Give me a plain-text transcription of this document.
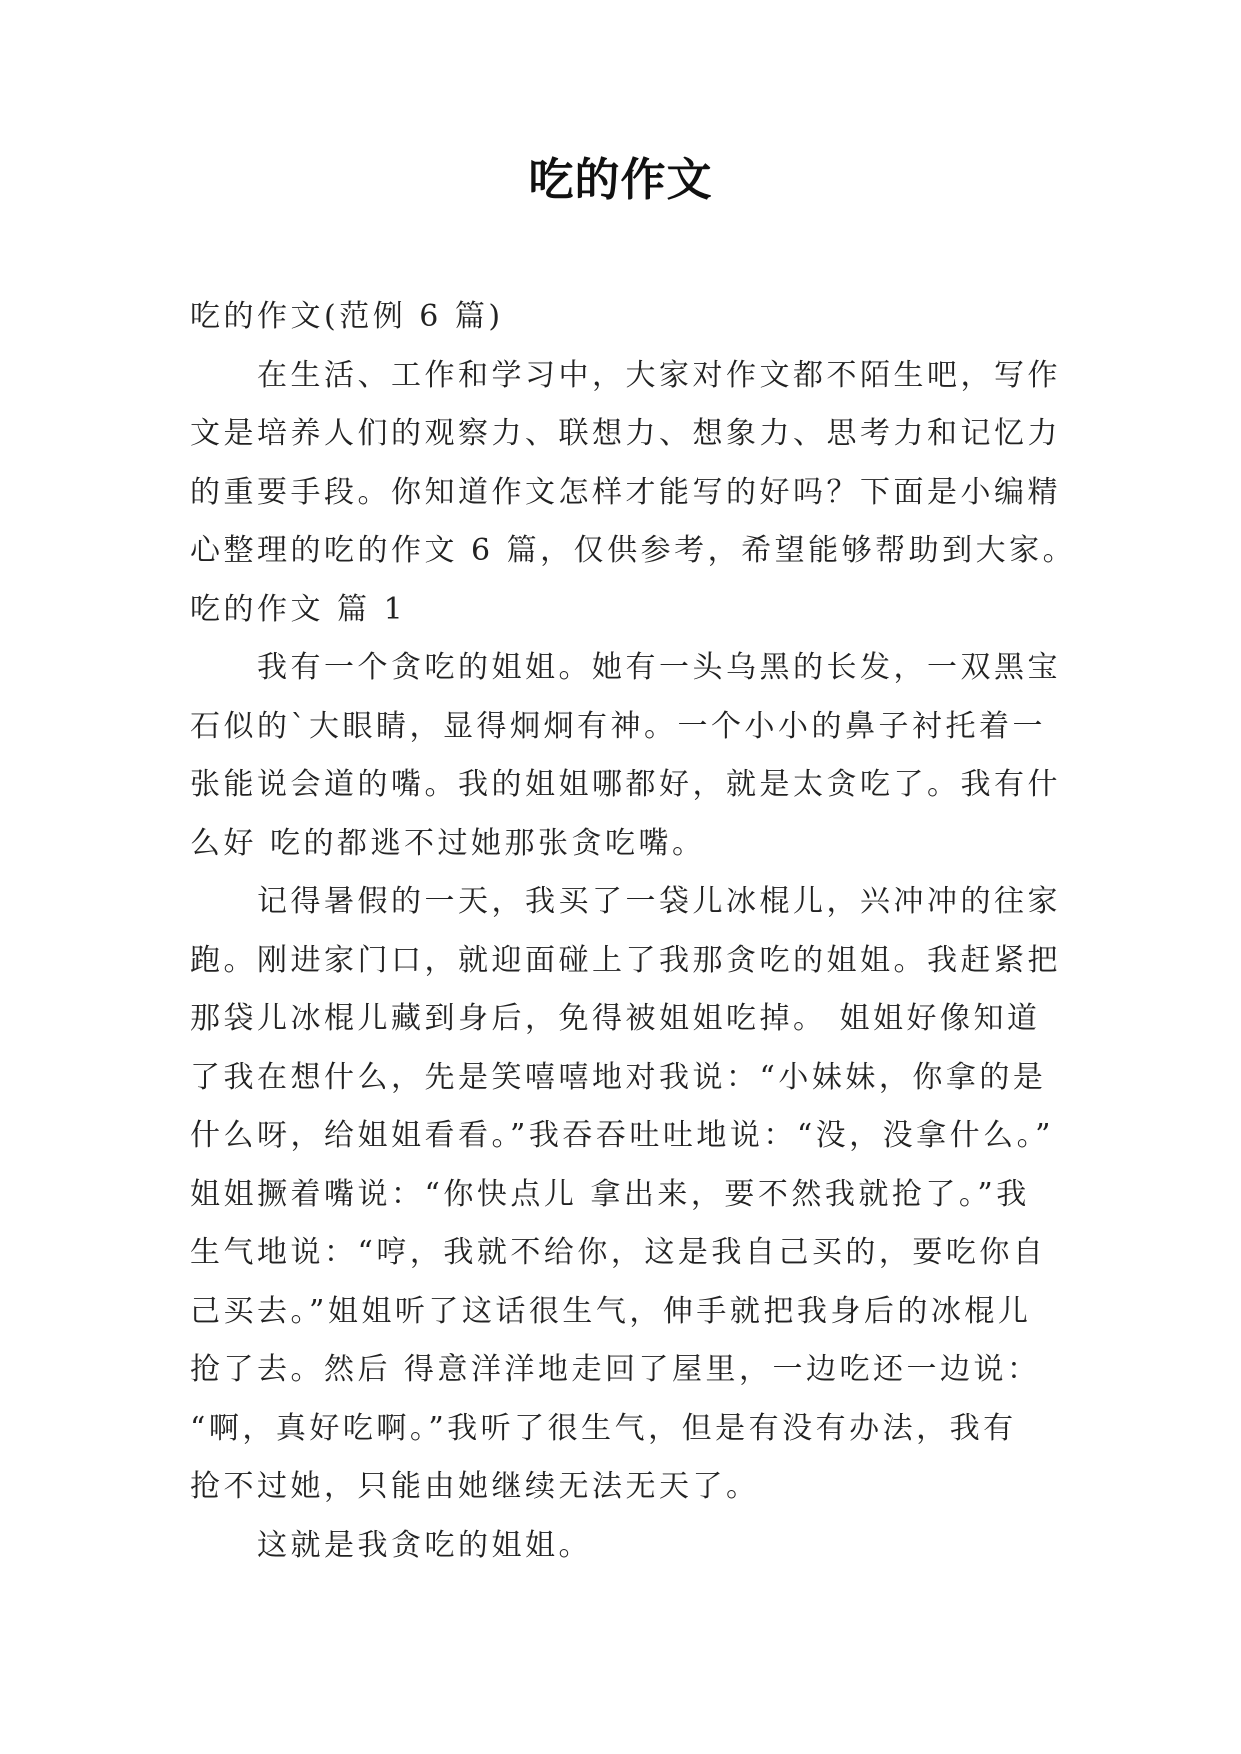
吃的作文
吃的作文(范例 6 篇)
在生活、工作和学习中，大家对作文都不陌生吧，写作
文是培养人们的观察力、联想力、想象力、思考力和记忆力
的重要手段。你知道作文怎样才能写的好吗？下面是小编精
心整理的吃的作文 6 篇，仅供参考，希望能够帮助到大家。
吃的作文 篇 1
我有一个贪吃的姐姐。她有一头乌黑的长发，一双黑宝
石似的`大眼睛，显得炯炯有神。一个小小的鼻子衬托着一
张能说会道的嘴。我的姐姐哪都好，就是太贪吃了。我有什
么好 吃的都逃不过她那张贪吃嘴。
记得暑假的一天，我买了一袋儿冰棍儿，兴冲冲的往家
跑。刚进家门口，就迎面碰上了我那贪吃的姐姐。我赶紧把
那袋儿冰棍儿藏到身后，免得被姐姐吃掉。 姐姐好像知道
了我在想什么，先是笑嘻嘻地对我说：“小妹妹，你拿的是
什么呀，给姐姐看看。”我吞吞吐吐地说：“没，没拿什么。”
姐姐撅着嘴说：“你快点儿 拿出来，要不然我就抢了。”我
生气地说：“哼，我就不给你，这是我自己买的，要吃你自
己买去。”姐姐听了这话很生气，伸手就把我身后的冰棍儿
抢了去。然后 得意洋洋地走回了屋里，一边吃还一边说：
“啊，真好吃啊。”我听了很生气，但是有没有办法，我有
抢不过她，只能由她继续无法无天了。
这就是我贪吃的姐姐。
